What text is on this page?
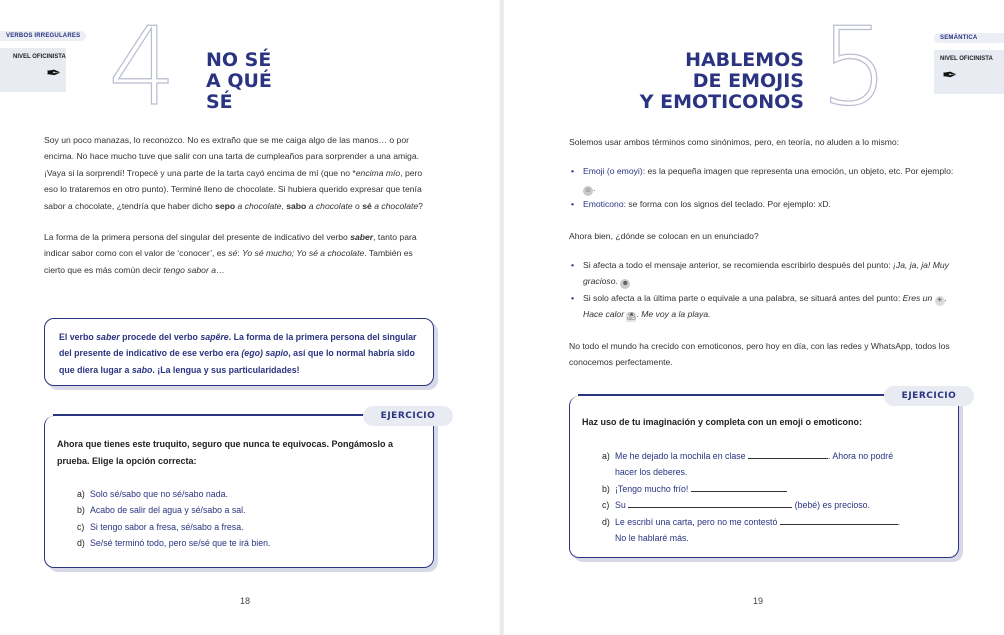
VERBOS IRREGULARES
NIVEL OFICINISTA
✒ 4 NO SÉ
A QUÉ
SÉ

Soy un poco manazas, lo reconozco. No es extraño que se me caiga algo de las manos… o por encima. No hace mucho tuve que salir con una tarta de cumpleaños para sorprender a una amiga. ¡Vaya si la sorprendí! Tropecé y una parte de la tarta cayó encima de mí (que no *encima mío, pero eso lo trataremos en otro punto). Terminé lleno de chocolate. Si hubiera querido expresar que tenía sabor a chocolate, ¿tendría que haber dicho sepo a chocolate, sabo a chocolate o sé a chocolate?

La forma de la primera persona del singular del presente de indicativo del verbo saber, tanto para indicar sabor como con el valor de ‘conocer’, es sé: Yo sé mucho; Yo sé a chocolate. También es cierto que es más común decir tengo sabor a…

El verbo saber procede del verbo sapĕre. La forma de la primera persona del singular del presente de indicativo de ese verbo era (ego) sapio, así que lo normal habría sido que diera lugar a sabo. ¡La lengua y sus particularidades!
EJERCICIO
Ahora que tienes este truquito, seguro que nunca te equivocas. Pongámoslo a prueba. Elige la opción correcta:
a) Solo sé/sabo que no sé/sabo nada.
b) Acabo de salir del agua y sé/sabo a sal.
c) Si tengo sabor a fresa, sé/sabo a fresa.
d) Se/sé terminó todo, pero se/sé que te irá bien.
18
SEMÁNTICA
NIVEL OFICINISTA
✒
5
HABLEMOS
DE EMOJIS
Y EMOTICONOS

Solemos usar ambos términos como sinónimos, pero, en teoría, no aluden a lo mismo:

• Emoji (o emoyi): es la pequeña imagen que representa una emoción, un objeto, etc. Por ejemplo: ☺.
• Emoticono: se forma con los signos del teclado. Por ejemplo: xD.

Ahora bien, ¿dónde se colocan en un enunciado?

• Si afecta a todo el mensaje anterior, se recomienda escribirlo después del punto: ¡Ja, ja, ja! Muy gracioso. ☻
• Si solo afecta a la última parte o equivale a una palabra, se situará antes del punto: Eres un ☀ . Hace calor ⛱. Me voy a la playa.

No todo el mundo ha crecido con emoticonos, pero hoy en día, con las redes y WhatsApp, todos los conocemos perfectamente.

EJERCICIO
Haz uso de tu imaginación y completa con un emoji o emoticono:
a) Me he dejado la mochila en clase	. Ahora no podré
hacer los deberes.
b) ¡Tengo mucho frío!
c) Su	(bebé) es precioso.
d) Le escribí una carta, pero no me contestó	.
No le hablaré más.
19
